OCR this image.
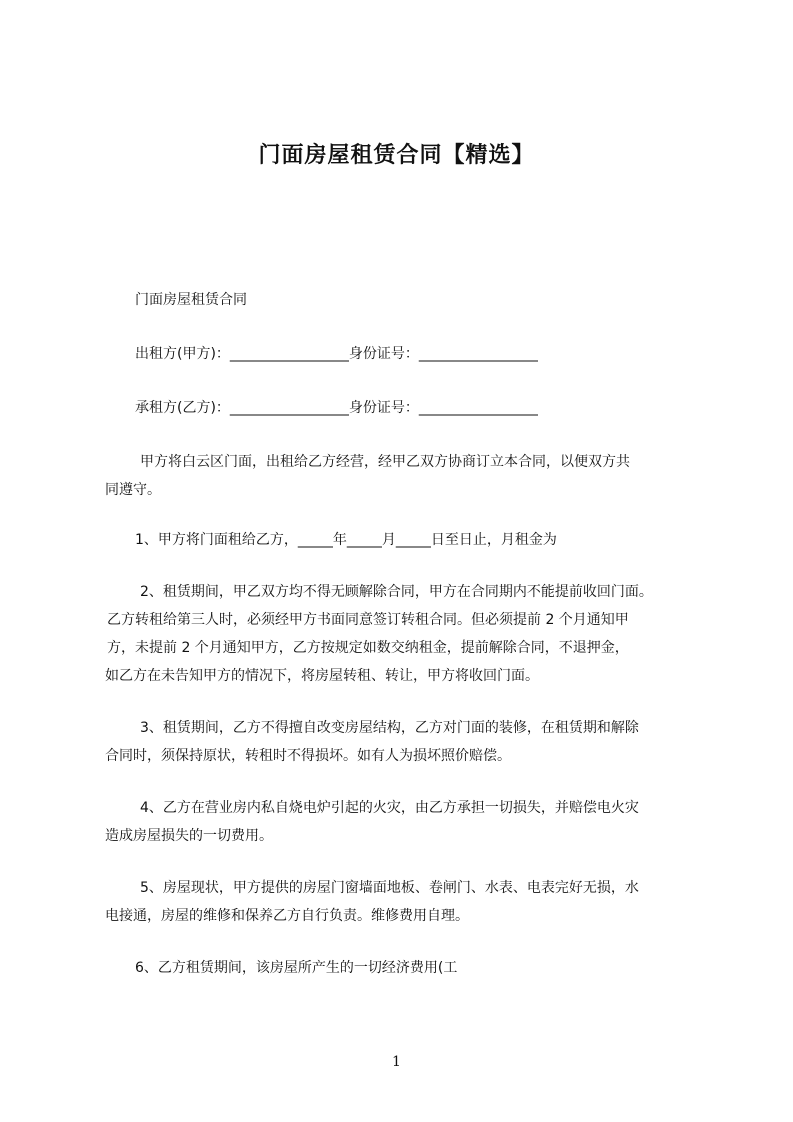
门面房屋租赁合同【精选】
门面房屋租赁合同
出租方(甲方)：_________________身份证号：_________________
承租方(乙方)：_________________身份证号：_________________
甲方将白云区门面，出租给乙方经营，经甲乙双方协商订立本合同，以便双方共
同遵守。
1、甲方将门面租给乙方，_____年_____月_____日至日止，月租金为
2、租赁期间，甲乙双方均不得无顾解除合同，甲方在合同期内不能提前收回门面。
乙方转租给第三人时，必须经甲方书面同意签订转租合同。但必须提前 2 个月通知甲
方，未提前 2 个月通知甲方，乙方按规定如数交纳租金，提前解除合同，不退押金，
如乙方在未告知甲方的情况下，将房屋转租、转让，甲方将收回门面。
3、租赁期间，乙方不得擅自改变房屋结构，乙方对门面的装修，在租赁期和解除
合同时，须保持原状，转租时不得损坏。如有人为损坏照价赔偿。
4、乙方在营业房内私自烧电炉引起的火灾，由乙方承担一切损失，并赔偿电火灾
造成房屋损失的一切费用。
5、房屋现状，甲方提供的房屋门窗墙面地板、卷闸门、水表、电表完好无损，水
电接通，房屋的维修和保养乙方自行负责。维修费用自理。
6、乙方租赁期间，该房屋所产生的一切经济费用(工
1
